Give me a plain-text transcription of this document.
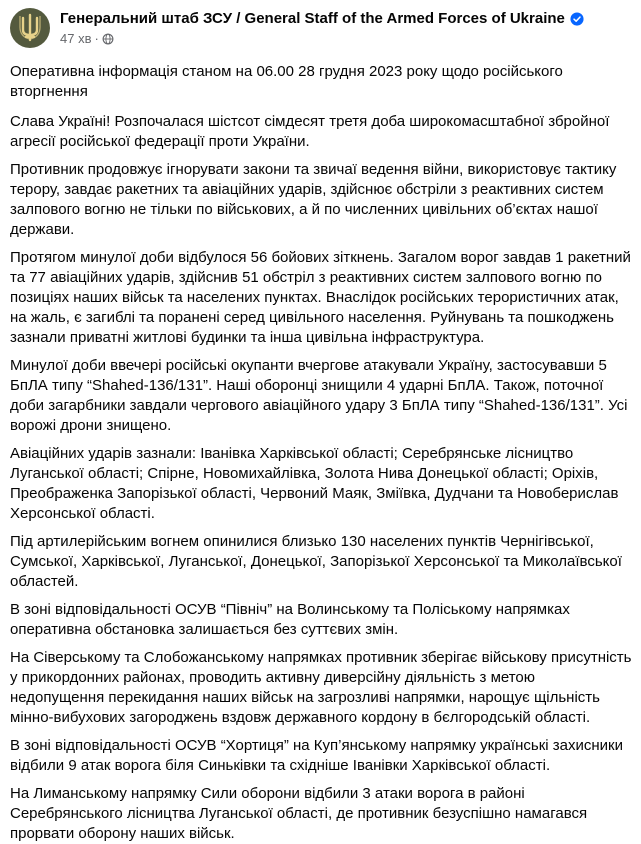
Генеральний штаб ЗСУ / General Staff of the Armed Forces of Ukraine
47 хв ·

Оперативна інформація станом на 06.00 28 грудня 2023 року щодо російського вторгнення

Слава Україні! Розпочалася шістсот сімдесят третя доба широкомасштабної збройної агресії російської федерації проти України.

Противник продовжує ігнорувати закони та звичаї ведення війни, використовує тактику терору, завдає ракетних та авіаційних ударів, здійснює обстріли з реактивних систем залпового вогню не тільки по військових, а й по численних цивільних об’єктах нашої держави.

Протягом минулої доби відбулося 56 бойових зіткнень. Загалом ворог завдав 1 ракетний та 77 авіаційних ударів, здійснив 51 обстріл з реактивних систем залпового вогню по позиціях наших військ та населених пунктах. Внаслідок російських терористичних атак, на жаль, є загиблі та поранені серед цивільного населення. Руйнувань та пошкоджень зазнали приватні житлові будинки та інша цивільна інфраструктура.

Минулої доби ввечері російські окупанти вчергове атакували Україну, застосувавши 5 БпЛА типу “Shahed-136/131”. Наші оборонці знищили 4 ударні БпЛА. Також, поточної доби загарбники завдали чергового авіаційного удару 3 БпЛА типу “Shahed-136/131”. Усі ворожі дрони знищено.

Авіаційних ударів зазнали: Іванівка Харківської області; Серебрянське лісництво Луганської області; Спірне, Новомихайлівка, Золота Нива Донецької області; Оріхів, Преображенка Запорізької області, Червоний Маяк, Зміївка, Дудчани та Новоберислав Херсонської області.

Під артилерійським вогнем опинилися близько 130 населених пунктів Чернігівської, Сумської, Харківської, Луганської, Донецької, Запорізької Херсонської та Миколаївської областей.

В зоні відповідальності ОСУВ “Північ” на Волинському та Поліському напрямках оперативна обстановка залишається без суттєвих змін.

На Сіверському та Слобожанському напрямках противник зберігає військову присутність у прикордонних районах, проводить активну диверсійну діяльність з метою недопущення перекидання наших військ на загрозливі напрямки, нарощує щільність мінно-вибухових загороджень вздовж державного кордону в бєлгородській області.

В зоні відповідальності ОСУВ “Хортиця” на Куп’янському напрямку українські захисники відбили 9 атак ворога біля Синьківки та східніше Іванівки Харківської області.

На Лиманському напрямку Сили оборони відбили 3 атаки ворога в районі Серебрянського лісництва Луганської області, де противник безуспішно намагався прорвати оборону наших військ.
